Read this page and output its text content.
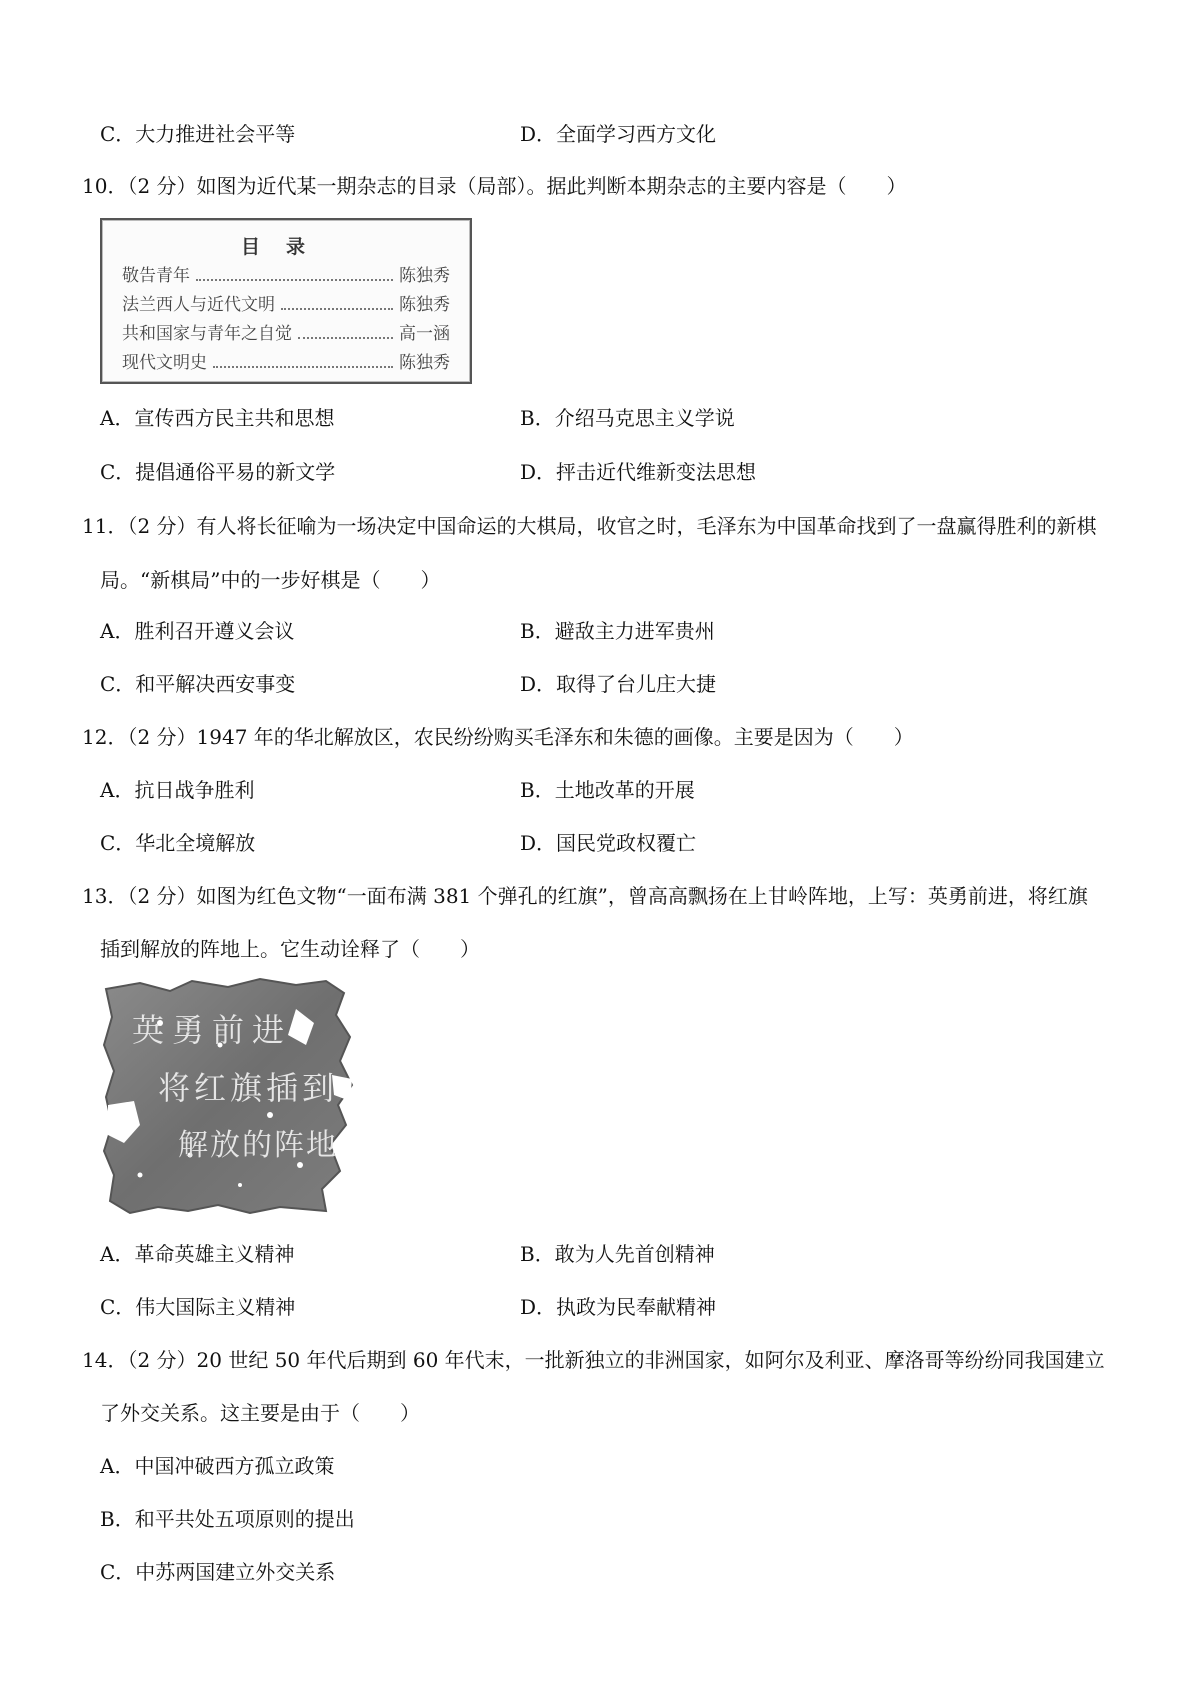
C．大力推进社会平等	D．全面学习西方文化
10．（2 分）如图为近代某一期杂志的目录（局部）。据此判断本期杂志的主要内容是（　　）
目录
敬告青年	陈独秀
法兰西人与近代文明	陈独秀
共和国家与青年之自觉	高一涵
现代文明史	陈独秀
A．宣传西方民主共和思想	B．介绍马克思主义学说
C．提倡通俗平易的新文学	D．抨击近代维新变法思想
11．（2 分）有人将长征喻为一场决定中国命运的大棋局，收官之时，毛泽东为中国革命找到了一盘赢得胜利的新棋
局。“新棋局”中的一步好棋是（　　）
A．胜利召开遵义会议	B．避敌主力进军贵州
C．和平解决西安事变	D．取得了台儿庄大捷
12．（2 分）1947 年的华北解放区，农民纷纷购买毛泽东和朱德的画像。主要是因为（　　）
A．抗日战争胜利	B．土地改革的开展
C．华北全境解放	D．国民党政权覆亡
13．（2 分）如图为红色文物“一面布满 381 个弹孔的红旗”，曾高高飘扬在上甘岭阵地，上写：英勇前进，将红旗
插到解放的阵地上。它生动诠释了（　　）
英勇前进
将红旗插到
解放的阵地
A．革命英雄主义精神	B．敢为人先首创精神
C．伟大国际主义精神	D．执政为民奉献精神
14．（2 分）20 世纪 50 年代后期到 60 年代末，一批新独立的非洲国家，如阿尔及利亚、摩洛哥等纷纷同我国建立
了外交关系。这主要是由于（　　）
A．中国冲破西方孤立政策
B．和平共处五项原则的提出
C．中苏两国建立外交关系
